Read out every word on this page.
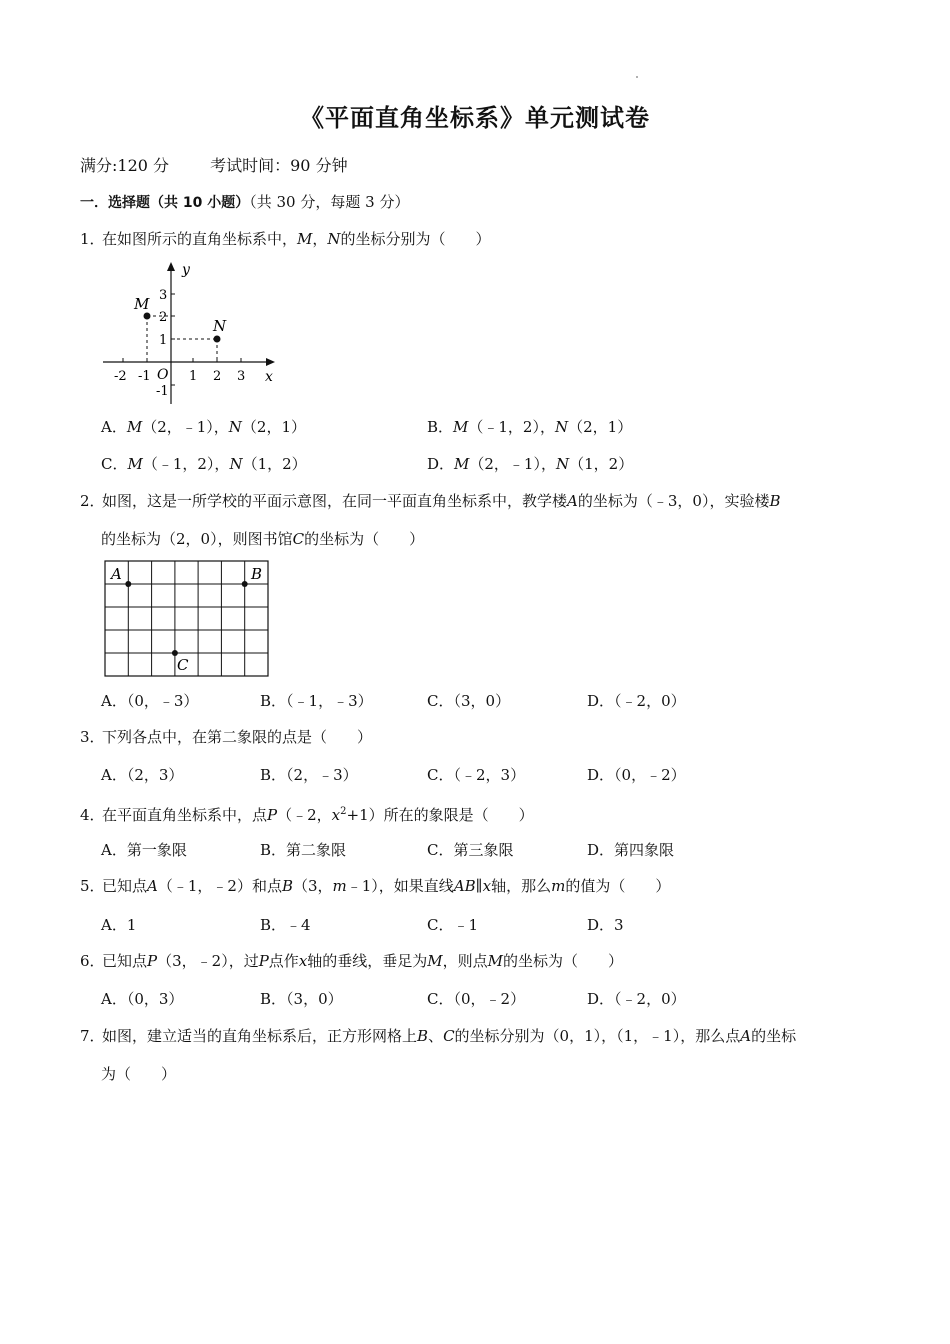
《平面直角坐标系》单元测试卷
满分:120 分	考试时间：90 分钟
一．选择题（共 10 小题）（共 30 分，每题 3 分）
1．在如图所示的直角坐标系中，M，N的坐标分别为（　　）
M
N
y
x
O
-2 -1	1 2 3
3
2
1
-1
A．M（2，﹣1），N（2，1）	B．M（﹣1，2），N（2，1）
C．M（﹣1，2），N（1，2）	D．M（2，﹣1），N（1，2）
2．如图，这是一所学校的平面示意图，在同一平面直角坐标系中，教学楼A的坐标为（﹣3，0），实验楼B
的坐标为（2，0），则图书馆C的坐标为（　　）
A	B
C
A．（0，﹣3）	B．（﹣1，﹣3）	C．（3，0）	D．（﹣2，0）
3．下列各点中，在第二象限的点是（　　）
A．（2，3）	B．（2，﹣3）	C．（﹣2，3）	D．（0，﹣2）
4．在平面直角坐标系中，点P（﹣2，$x^2+1$）所在的象限是（　　）
A．第一象限	B．第二象限	C．第三象限	D．第四象限
5．已知点A（﹣1，﹣2）和点B（3，m﹣1），如果直线AB∥x轴，那么m的值为（　　）
A．1	B．﹣4	C．﹣1	D．3
6．已知点P（3，﹣2），过P点作x轴的垂线，垂足为M，则点M的坐标为（　　）
A．（0，3）	B．（3，0）	C．（0，﹣2）	D．（﹣2，0）
7．如图，建立适当的直角坐标系后，正方形网格上B、C的坐标分别为（0，1），（1，﹣1），那么点A的坐标
为（　　）
